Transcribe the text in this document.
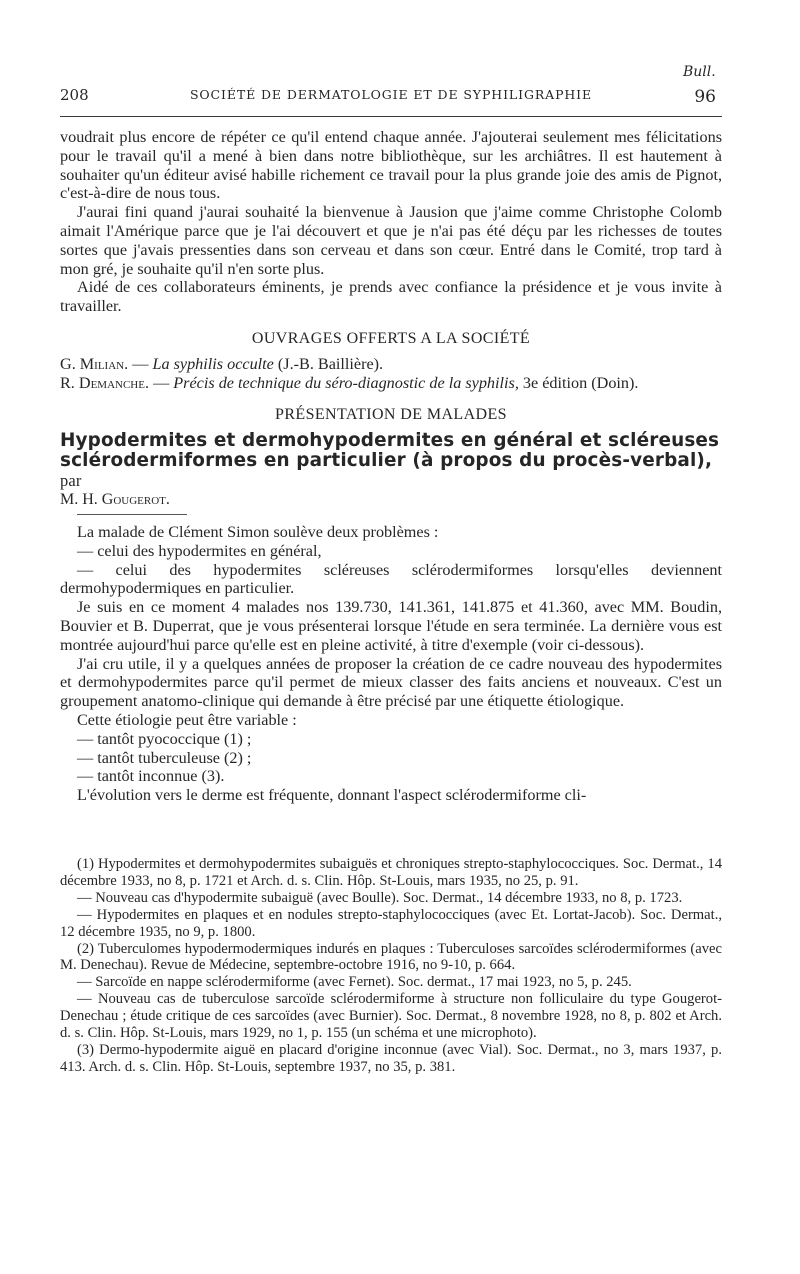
Bull.
208	SOCIÉTÉ DE DERMATOLOGIE ET DE SYPHILIGRAPHIE	96

voudrait plus encore de répéter ce qu'il entend chaque année. J'ajouterai seulement mes félicitations pour le travail qu'il a mené à bien dans notre bibliothèque, sur les archiâtres. Il est hautement à souhaiter qu'un éditeur avisé habille richement ce travail pour la plus grande joie des amis de Pignot, c'est-à-dire de nous tous.

J'aurai fini quand j'aurai souhaité la bienvenue à Jausion que j'aime comme Christophe Colomb aimait l'Amérique parce que je l'ai découvert et que je n'ai pas été déçu par les richesses de toutes sortes que j'avais pressenties dans son cerveau et dans son cœur. Entré dans le Comité, trop tard à mon gré, je souhaite qu'il n'en sorte plus.

Aidé de ces collaborateurs éminents, je prends avec confiance la présidence et je vous invite à travailler.

OUVRAGES OFFERTS A LA SOCIÉTÉ

G. Milian. — La syphilis occulte (J.-B. Baillière).

R. Demanche. — Précis de technique du séro-diagnostic de la syphilis, 3e édition (Doin).

PRÉSENTATION DE MALADES

Hypodermites et dermohypodermites en général et scléreuses sclérodermiformes en particulier (à propos du procès-verbal), par

M. H. Gougerot.

La malade de Clément Simon soulève deux problèmes :

— celui des hypodermites en général,

— celui des hypodermites scléreuses sclérodermiformes lorsqu'elles deviennent dermohypodermiques en particulier.

Je suis en ce moment 4 malades nos 139.730, 141.361, 141.875 et 41.360, avec MM. Boudin, Bouvier et B. Duperrat, que je vous présenterai lorsque l'étude en sera terminée. La dernière vous est montrée aujourd'hui parce qu'elle est en pleine activité, à titre d'exemple (voir ci-dessous).

J'ai cru utile, il y a quelques années de proposer la création de ce cadre nouveau des hypodermites et dermohypodermites parce qu'il permet de mieux classer des faits anciens et nouveaux. C'est un groupement anatomo-clinique qui demande à être précisé par une étiquette étiologique.

Cette étiologie peut être variable :

— tantôt pyococcique (1) ;

— tantôt tuberculeuse (2) ;

— tantôt inconnue (3).

L'évolution vers le derme est fréquente, donnant l'aspect sclérodermiforme cli-

(1) Hypodermites et dermohypodermites subaiguës et chroniques strepto-staphylococciques. Soc. Dermat., 14 décembre 1933, no 8, p. 1721 et Arch. d. s. Clin. Hôp. St-Louis, mars 1935, no 25, p. 91.

— Nouveau cas d'hypodermite subaiguë (avec Boulle). Soc. Dermat., 14 décembre 1933, no 8, p. 1723.

— Hypodermites en plaques et en nodules strepto-staphylococciques (avec Et. Lortat-Jacob). Soc. Dermat., 12 décembre 1935, no 9, p. 1800.

(2) Tuberculomes hypodermodermiques indurés en plaques : Tuberculoses sarcoïdes sclérodermiformes (avec M. Denechau). Revue de Médecine, septembre-octobre 1916, no 9-10, p. 664.

— Sarcoïde en nappe sclérodermiforme (avec Fernet). Soc. dermat., 17 mai 1923, no 5, p. 245.

— Nouveau cas de tuberculose sarcoïde sclérodermiforme à structure non folliculaire du type Gougerot-Denechau ; étude critique de ces sarcoïdes (avec Burnier). Soc. Dermat., 8 novembre 1928, no 8, p. 802 et Arch. d. s. Clin. Hôp. St-Louis, mars 1929, no 1, p. 155 (un schéma et une microphoto).

(3) Dermo-hypodermite aiguë en placard d'origine inconnue (avec Vial). Soc. Dermat., no 3, mars 1937, p. 413. Arch. d. s. Clin. Hôp. St-Louis, septembre 1937, no 35, p. 381.
